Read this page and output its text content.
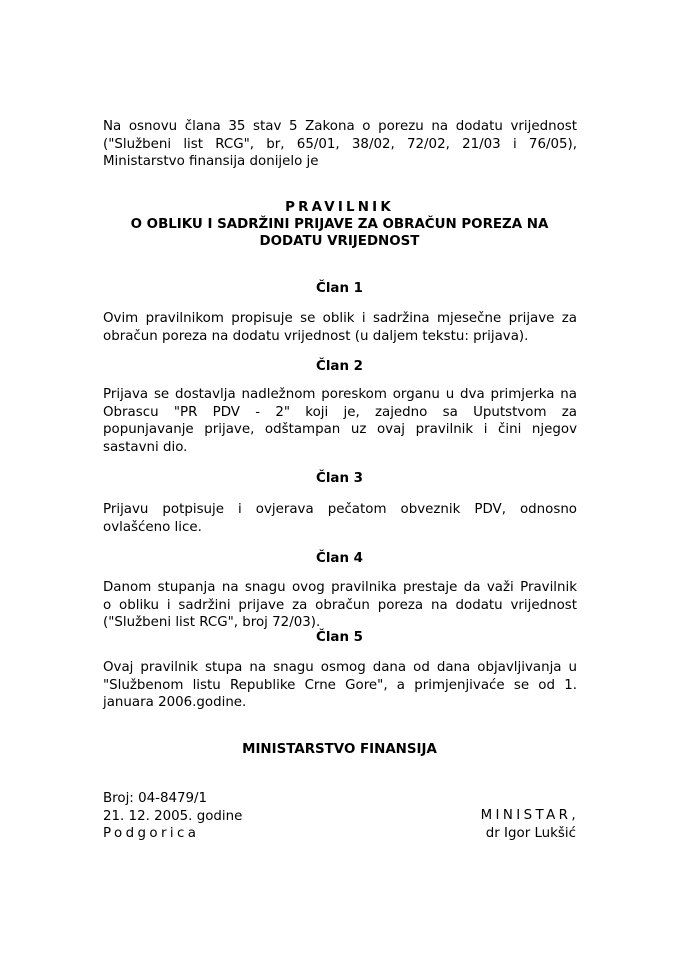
Na osnovu člana 35 stav 5 Zakona o porezu na dodatu vrijednost
("Službeni list RCG", br, 65/01, 38/02, 72/02, 21/03 i 76/05),
Ministarstvo finansija donijelo je
PRAVILNIK
O OBLIKU I SADRŽINI PRIJAVE ZA OBRAČUN POREZA NA
DODATU VRIJEDNOST
Član 1
Ovim pravilnikom propisuje se oblik i sadržina mjesečne prijave za
obračun poreza na dodatu vrijednost (u daljem tekstu: prijava).
Član 2
Prijava se dostavlja nadležnom poreskom organu u dva primjerka na
Obrascu "PR PDV - 2" koji je, zajedno sa Uputstvom za
popunjavanje prijave, odštampan uz ovaj pravilnik i čini njegov
sastavni dio.
Član 3
Prijavu potpisuje i ovjerava pečatom obveznik PDV, odnosno
ovlašćeno lice.
Član 4
Danom stupanja na snagu ovog pravilnika prestaje da važi Pravilnik
o obliku i sadržini prijave za obračun poreza na dodatu vrijednost
("Službeni list RCG", broj 72/03).
Član 5
Ovaj pravilnik stupa na snagu osmog dana od dana objavljivanja u
"Službenom listu Republike Crne Gore", a primjenjivaće se od 1.
januara 2006.godine.
MINISTARSTVO FINANSIJA
Broj: 04-8479/1
21. 12. 2005. godine
Podgorica
MINISTAR,
dr Igor Lukšić
